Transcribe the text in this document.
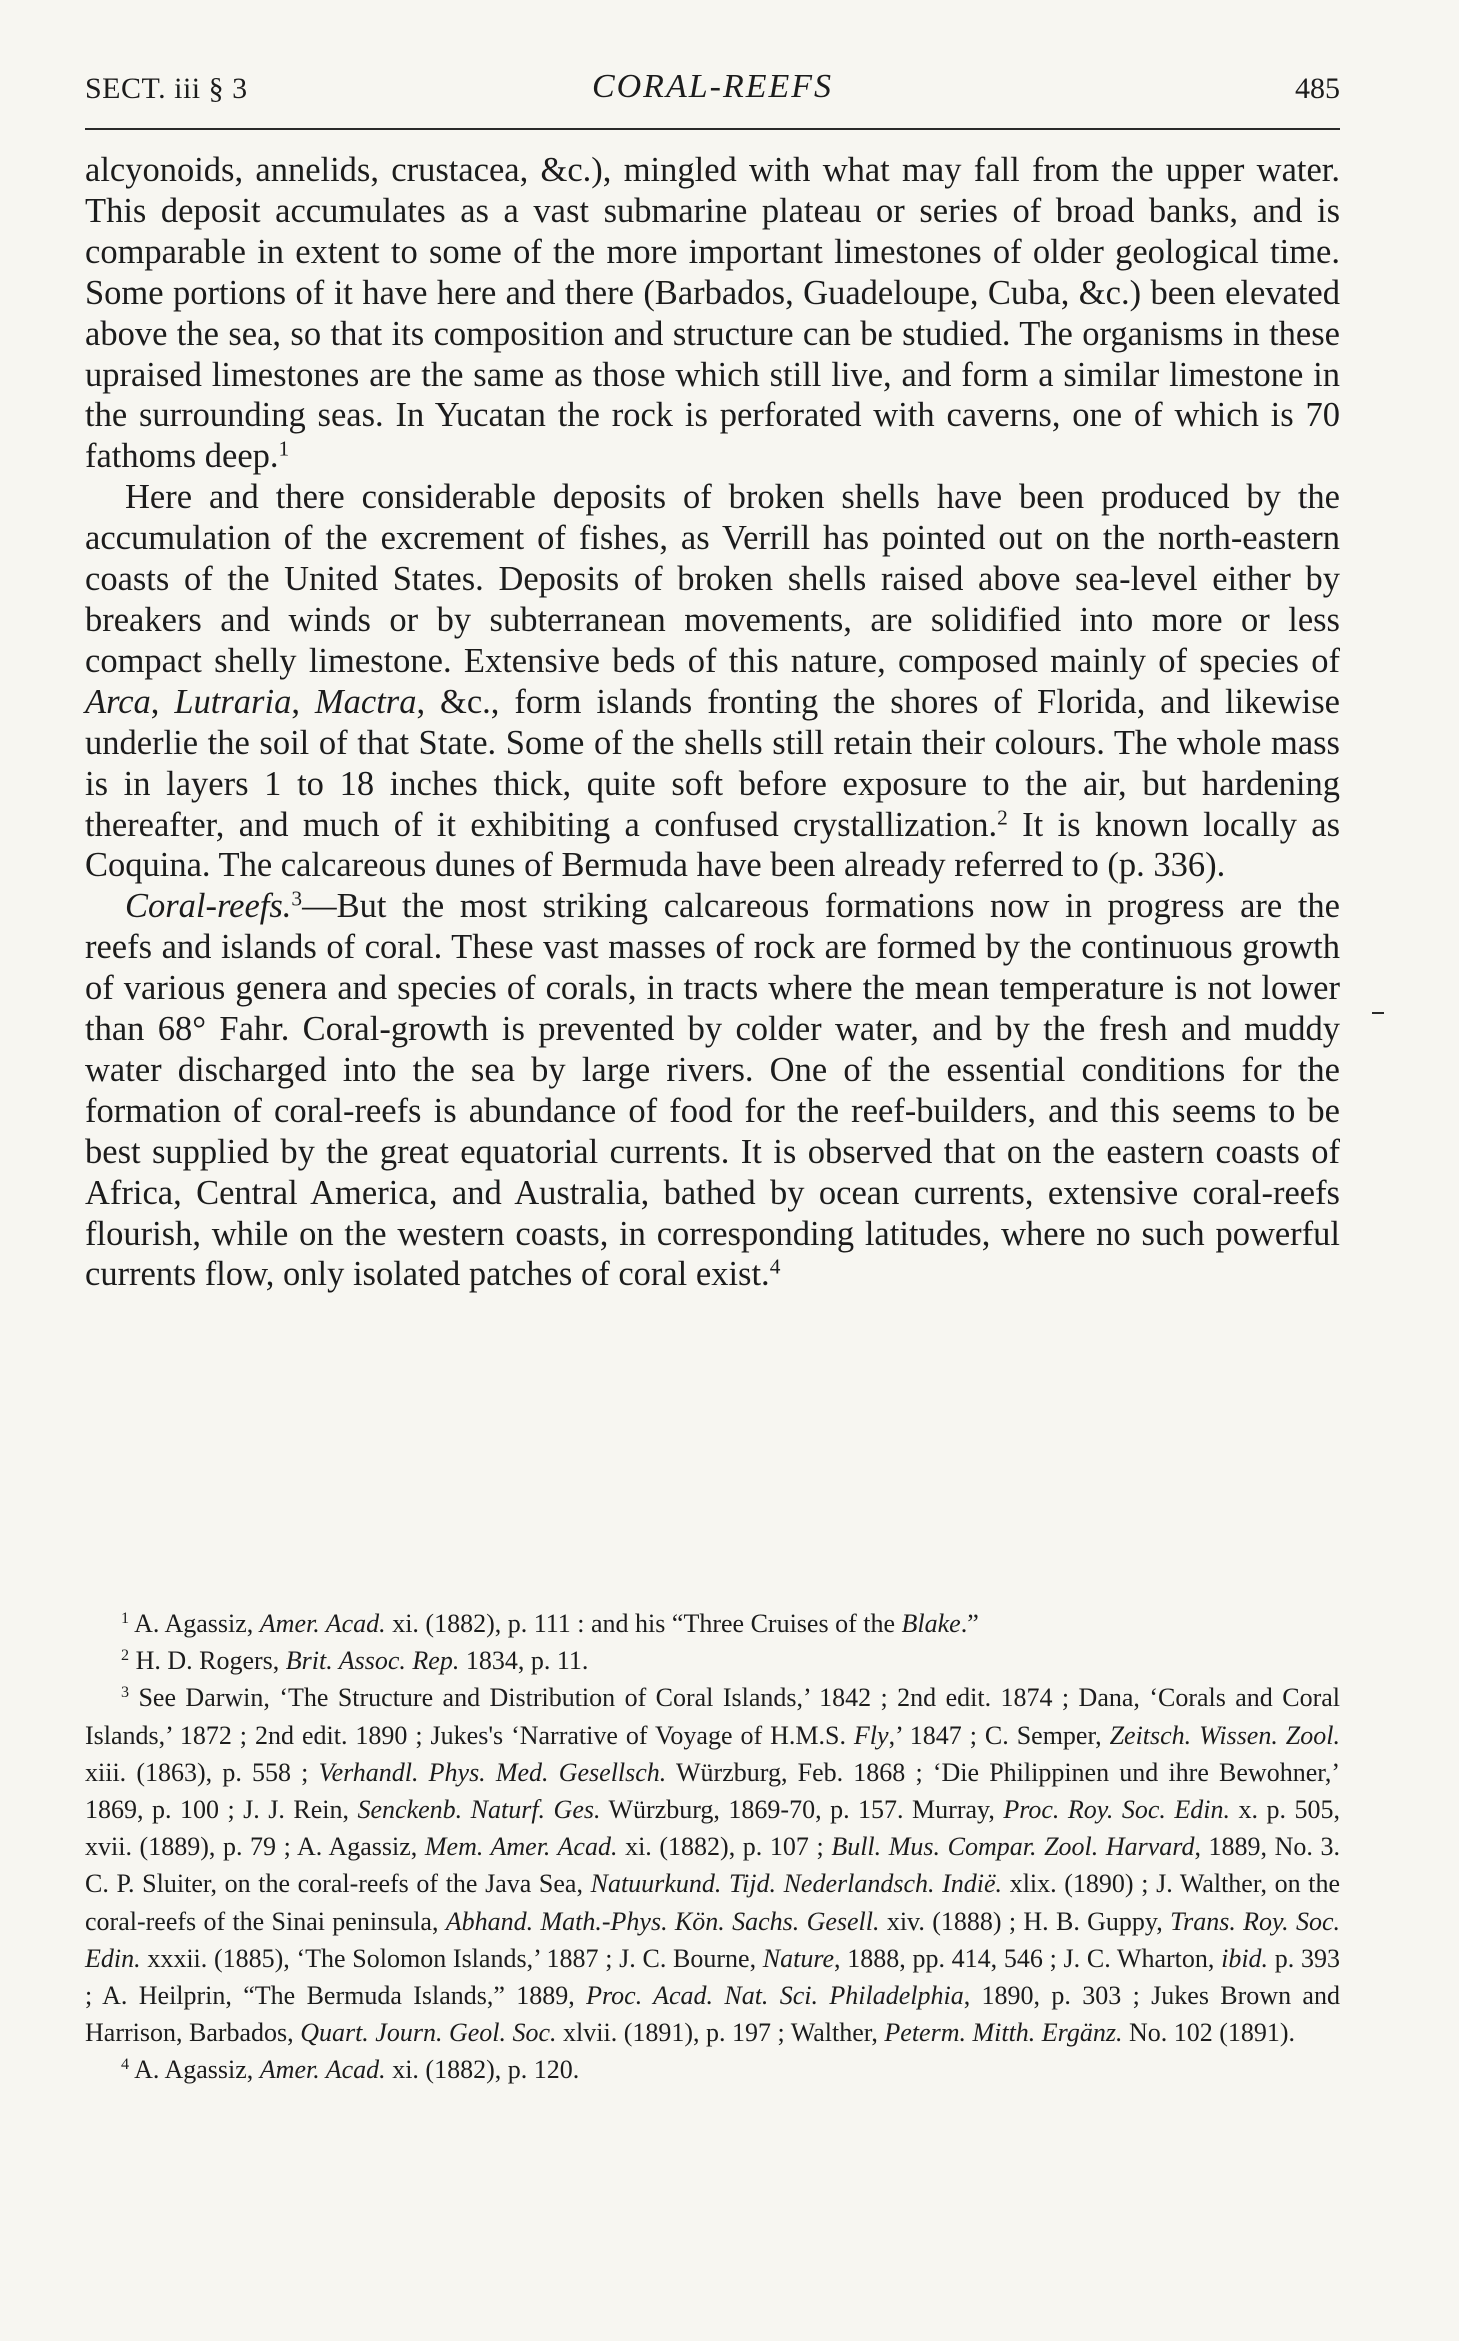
SECT. iii § 3	CORAL-REEFS	485

alcyonoids, annelids, crustacea, &c.), mingled with what may fall from the upper water. This deposit accumulates as a vast submarine plateau or series of broad banks, and is comparable in extent to some of the more important limestones of older geological time. Some portions of it have here and there (Barbados, Guadeloupe, Cuba, &c.) been elevated above the sea, so that its composition and structure can be studied. The organisms in these upraised limestones are the same as those which still live, and form a similar limestone in the surrounding seas. In Yucatan the rock is perforated with caverns, one of which is 70 fathoms deep.$^1$

Here and there considerable deposits of broken shells have been produced by the accumulation of the excrement of fishes, as Verrill has pointed out on the north-eastern coasts of the United States. Deposits of broken shells raised above sea-level either by breakers and winds or by subterranean movements, are solidified into more or less compact shelly limestone. Extensive beds of this nature, composed mainly of species of Arca, Lutraria, Mactra, &c., form islands fronting the shores of Florida, and likewise underlie the soil of that State. Some of the shells still retain their colours. The whole mass is in layers 1 to 18 inches thick, quite soft before exposure to the air, but hardening thereafter, and much of it exhibiting a confused crystallization.$^2$ It is known locally as Coquina. The calcareous dunes of Bermuda have been already referred to (p. 336).

Coral-reefs.$^3$—But the most striking calcareous formations now in progress are the reefs and islands of coral. These vast masses of rock are formed by the continuous growth of various genera and species of corals, in tracts where the mean temperature is not lower than 68° Fahr. Coral-growth is prevented by colder water, and by the fresh and muddy water discharged into the sea by large rivers. One of the essential conditions for the formation of coral-reefs is abundance of food for the reef-builders, and this seems to be best supplied by the great equatorial currents. It is observed that on the eastern coasts of Africa, Central America, and Australia, bathed by ocean currents, extensive coral-reefs flourish, while on the western coasts, in corresponding latitudes, where no such powerful currents flow, only isolated patches of coral exist.$^4$

$^1$ A. Agassiz, Amer. Acad. xi. (1882), p. 111 : and his “Three Cruises of the Blake.”

$^2$ H. D. Rogers, Brit. Assoc. Rep. 1834, p. 11.

$^3$ See Darwin, ‘The Structure and Distribution of Coral Islands,’ 1842 ; 2nd edit. 1874 ; Dana, ‘Corals and Coral Islands,’ 1872 ; 2nd edit. 1890 ; Jukes's ‘Narrative of Voyage of H.M.S. Fly,’ 1847 ; C. Semper, Zeitsch. Wissen. Zool. xiii. (1863), p. 558 ; Verhandl. Phys. Med. Gesellsch. Würzburg, Feb. 1868 ; ‘Die Philippinen und ihre Bewohner,’ 1869, p. 100 ; J. J. Rein, Senckenb. Naturf. Ges. Würzburg, 1869-70, p. 157. Murray, Proc. Roy. Soc. Edin. x. p. 505, xvii. (1889), p. 79 ; A. Agassiz, Mem. Amer. Acad. xi. (1882), p. 107 ; Bull. Mus. Compar. Zool. Harvard, 1889, No. 3. C. P. Sluiter, on the coral-reefs of the Java Sea, Natuurkund. Tijd. Nederlandsch. Indië. xlix. (1890) ; J. Walther, on the coral-reefs of the Sinai peninsula, Abhand. Math.-Phys. Kön. Sachs. Gesell. xiv. (1888) ; H. B. Guppy, Trans. Roy. Soc. Edin. xxxii. (1885), ‘The Solomon Islands,’ 1887 ; J. C. Bourne, Nature, 1888, pp. 414, 546 ; J. C. Wharton, ibid. p. 393 ; A. Heilprin, “The Bermuda Islands,” 1889, Proc. Acad. Nat. Sci. Philadelphia, 1890, p. 303 ; Jukes Brown and Harrison, Barbados, Quart. Journ. Geol. Soc. xlvii. (1891), p. 197 ; Walther, Peterm. Mitth. Ergänz. No. 102 (1891).

$^4$ A. Agassiz, Amer. Acad. xi. (1882), p. 120.
